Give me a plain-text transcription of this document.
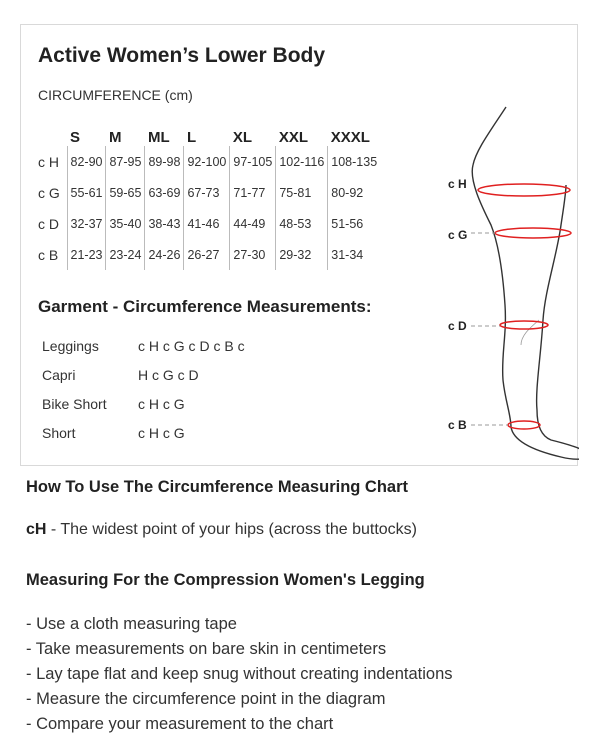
Active Women’s Lower Body
CIRCUMFERENCE (cm)
	S	M	ML	L	XL	XXL	XXXL
c H	82-90	87-95	89-98	92-100	97-105	102-116	108-135
c G	55-61	59-65	63-69	67-73	71-77	75-81	80-92
c D	32-37	35-40	38-43	41-46	44-49	48-53	51-56
c B	21-23	23-24	24-26	26-27	27-30	29-32	31-34
Garment - Circumference Measurements:
Leggings	c H c G c D c B c
Capri	H c G c D
Bike Short	c H c G
Short	c H c G
c H
c G
c D
c B
How To Use The Circumference Measuring Chart
cH - The widest point of your hips (across the buttocks)
Measuring For the Compression Women's Legging
- Use a cloth measuring tape
- Take measurements on bare skin in centimeters
- Lay tape flat and keep snug without creating indentations
- Measure the circumference point in the diagram
- Compare your measurement to the chart
